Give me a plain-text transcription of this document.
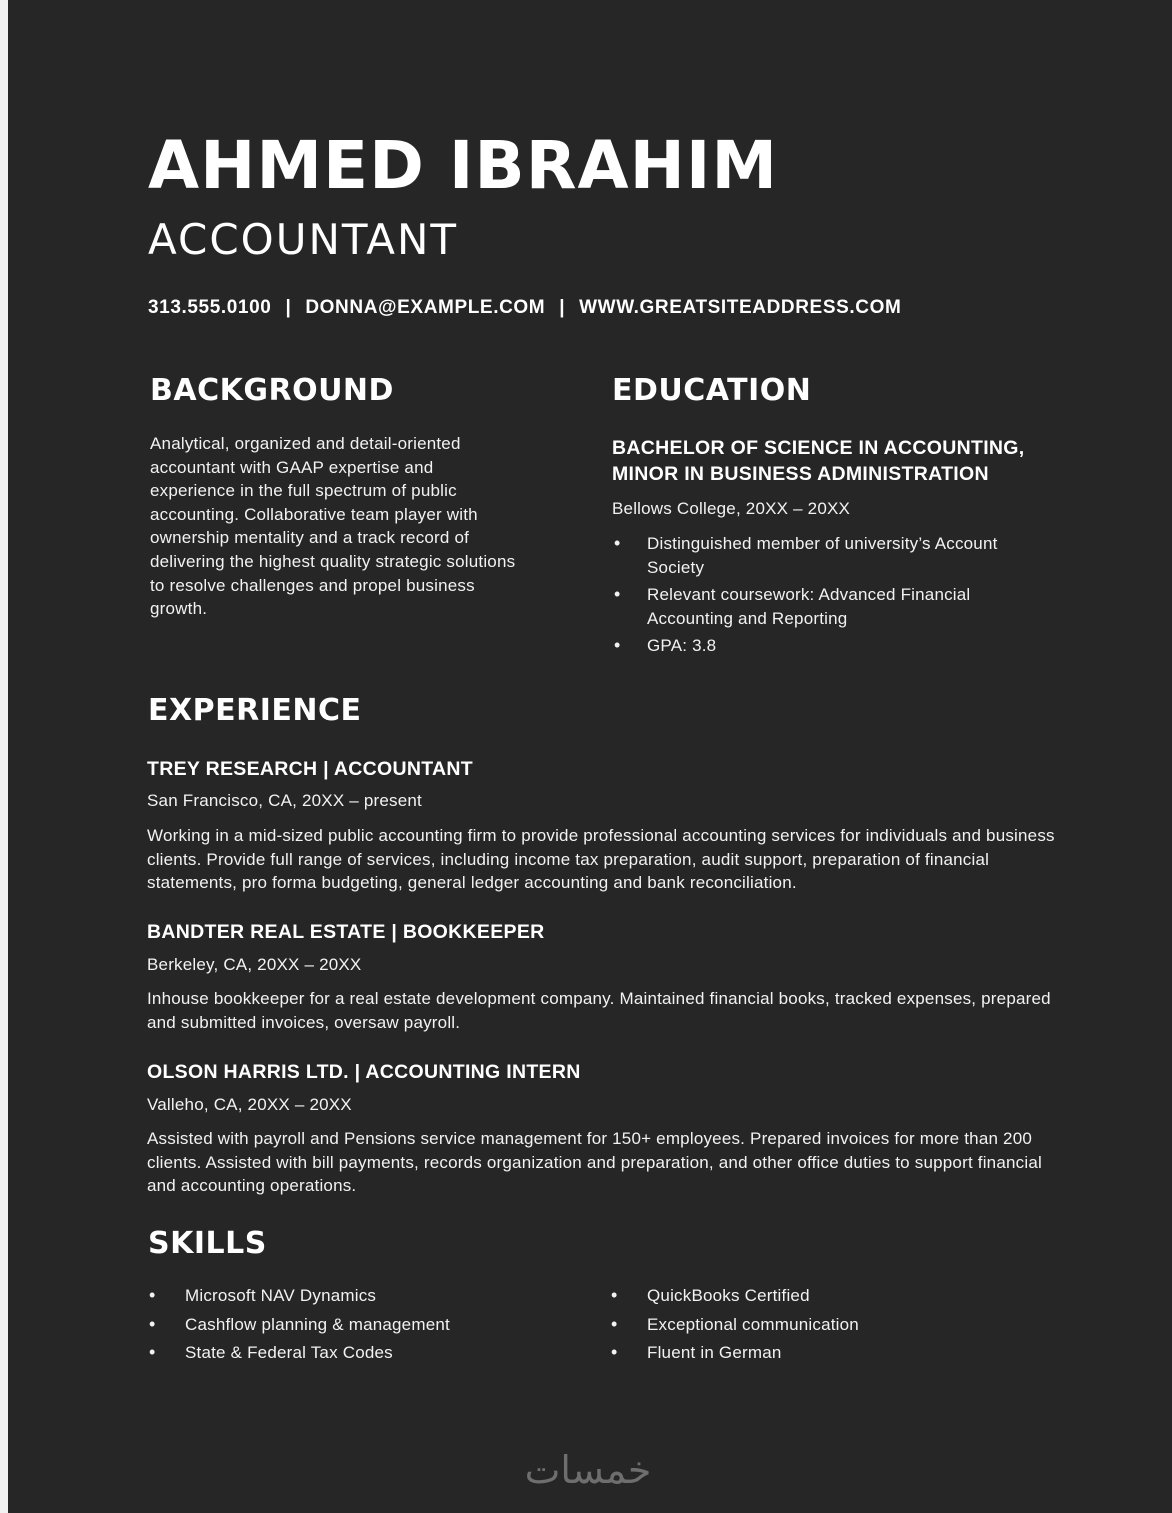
AHMED IBRAHIM
ACCOUNTANT
313.555.0100 | DONNA@EXAMPLE.COM | WWW.GREATSITEADDRESS.COM
BACKGROUND
Analytical, organized and detail-oriented accountant with GAAP expertise and experience in the full spectrum of public accounting. Collaborative team player with ownership mentality and a track record of delivering the highest quality strategic solutions to resolve challenges and propel business growth.
EDUCATION
BACHELOR OF SCIENCE IN ACCOUNTING, MINOR IN BUSINESS ADMINISTRATION
Bellows College, 20XX – 20XX
• Distinguished member of university’s Account Society
• Relevant coursework: Advanced Financial Accounting and Reporting
• GPA: 3.8
EXPERIENCE
TREY RESEARCH | ACCOUNTANT
San Francisco, CA, 20XX – present
Working in a mid-sized public accounting firm to provide professional accounting services for individuals and business clients. Provide full range of services, including income tax preparation, audit support, preparation of financial statements, pro forma budgeting, general ledger accounting and bank reconciliation.
BANDTER REAL ESTATE | BOOKKEEPER
Berkeley, CA, 20XX – 20XX
Inhouse bookkeeper for a real estate development company. Maintained financial books, tracked expenses, prepared and submitted invoices, oversaw payroll.
OLSON HARRIS LTD. | ACCOUNTING INTERN
Valleho, CA, 20XX – 20XX
Assisted with payroll and Pensions service management for 150+ employees. Prepared invoices for more than 200 clients. Assisted with bill payments, records organization and preparation, and other office duties to support financial and accounting operations.
SKILLS
• Microsoft NAV Dynamics
• Cashflow planning & management
• State & Federal Tax Codes
• QuickBooks Certified
• Exceptional communication
• Fluent in German
خمسات
